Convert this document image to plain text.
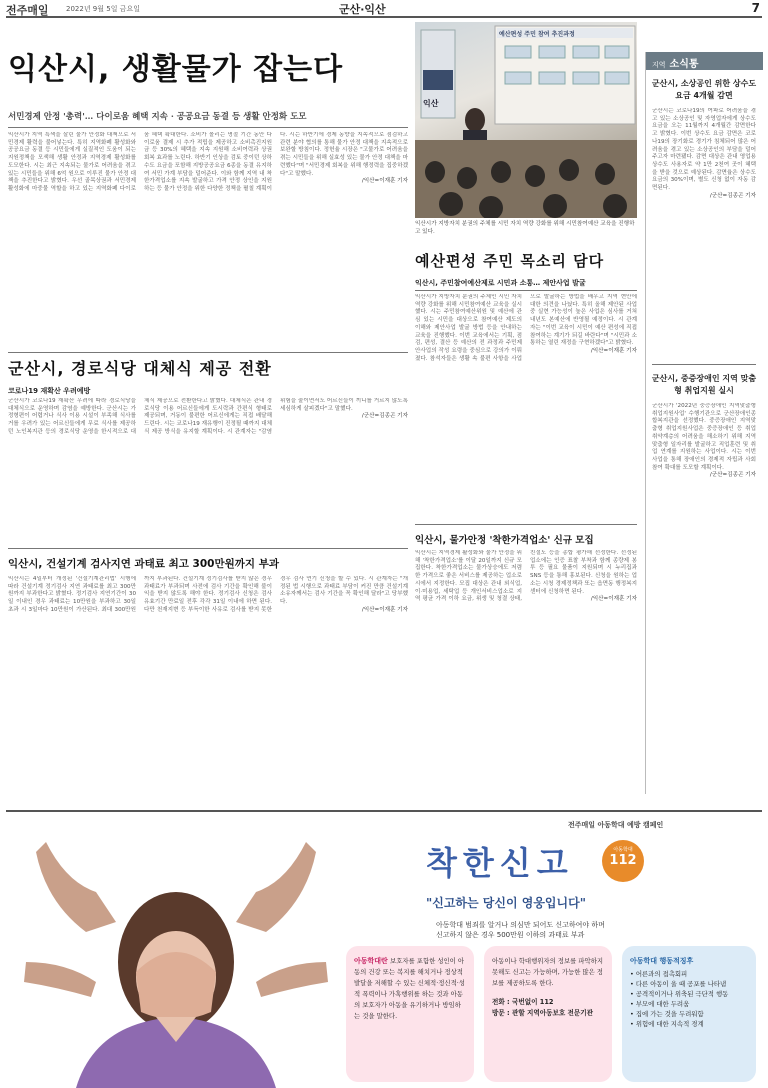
전주매일 2022년 9월 5일 금요일	군산·익산	7
익산시, 생활물가 잡는다
서민경제 안정 '총력'… 다이로움 혜택 지속 · 공공요금 동결 등 생활 안정화 도모
익산시가 지역 특색을 살린 물가 안정화 대책으로 서민경제 활력을 불어넣는다. 특히 지역화폐 활성화와 공공요금 동결 등 시민들에게 실질적인 도움이 되는 지원정책을 모색해 생활 안정과 지역경제 활성화를 도모한다. 시는 최근 지속되는 물가로 어려움을 겪고 있는 시민들을 위해 6억 원으로 이루진 물가 안정 대책을 추진한다고 밝혔다. 우선 골목상권과 서민경제 활성화에 마중물 역할을 하고 있는 지역화폐 다이로움 혜택 확대한다. 소비가 몰리는 명절 기간 동안 다이로움 결제 시 추가 적립을 제공하고 소비촉진지원금 등 30%의 혜택을 지속 지원해 소비여력과 상권 회복 효과를 노린다. 하반기 인상을 검토 중이던 상하수도 요금을 포함해 지방공공요금 6종을 동결 유지하여 서민 가계 부담을 덜어준다. 이와 함께 지역 내 착한가격업소를 지속 발굴하고 가격 안정 상인을 지원하는 등 물가 안정을 위한 다양한 정책을 펼칠 계획이다. 시는 하반기에 경제 동향을 지속적으로 점검하고 관련 분야 협의를 통해 물가 안정 대책을 지속적으로 보완할 방침이다. 정헌율 시장은 "고물가로 어려움을 겪는 시민들을 위해 실효성 있는 물가 안정 대책을 마련했다"며 "서민경제 회복을 위해 행정력을 집중하겠다"고 말했다.
/익산=이재훈 기자
예산편성 주민 참여 추진과정
익산
익산시가 지방자치 분권의 주체를 시민 자치 역량 강화를 위해 시민참여예산 교육을 진행하고 있다.
예산편성 주민 목소리 담다
익산시, 주민참여예산제로 시민과 소통… 제안사업 발굴
익산시가 지방자치 분권의 주체인 시민 자치 역량 강화를 위해 시민참여예산 교육을 실시했다. 시는 주민참여예산위원 및 예산에 관심 있는 시민을 대상으로 참여예산 제도의 이해와 제안사업 발굴 방법 등을 안내하는 교육을 진행했다. 이번 교육에서는 기획, 점검, 편성, 결산 등 예산의 전 과정과 주민제안사업의 작성 요령을 중심으로 강의가 이뤄졌다. 참석자들은 생활 속 불편 사항을 사업으로 발굴하는 방법을 배우고 지역 현안에 대한 의견을 나눴다. 특히 올해 제안된 사업 중 실현 가능성이 높은 사업은 심사를 거쳐 내년도 본예산에 반영될 예정이다. 시 관계자는 "이번 교육이 시민이 예산 편성에 직접 참여하는 계기가 되길 바란다"며 "시민과 소통하는 열린 재정을 구현하겠다"고 밝혔다.
/익산=이재훈 기자
군산시, 경로식당 대체식 제공 전환
코로나19 재확산 우려예방
군산시가 코로나19 재확산 우려에 따라 경로식당을 대체식으로 운영하며 감염을 예방한다. 군산시는 가정형편이 어렵거나 식사 이용 시설이 부족해 식사를 거를 우려가 있는 어르신들에게 무료 식사를 제공하던 노인복지관 등의 경로식당 운영을 한시적으로 대체식 제공으로 전환한다고 밝혔다. 대체식은 관내 경로식당 이용 어르신들에게 도시락과 간편식 형태로 제공되며, 거동이 불편한 어르신에게는 직접 배달해 드린다. 시는 코로나19 재유행이 진정될 때까지 대체식 제공 방식을 유지할 계획이다. 시 관계자는 "감염 위험을 줄이면서도 어르신들이 끼니를 거르지 않도록 세심하게 살피겠다"고 말했다.
/군산=김종곤 기자
익산시, 물가안정 '착한가격업소' 신규 모집
익산시는 지역경제 활성화와 물가 안정을 위해 '착한가격업소'를 이달 20일까지 신규 모집한다. 착한가격업소는 물가상승에도 저렴한 가격으로 좋은 서비스를 제공하는 업소로 시에서 지정한다. 모집 대상은 관내 외식업, 이·미용업, 세탁업 등 개인서비스업소로 지역 평균 가격 이하 요금, 위생 및 청결 상태, 친절도 등을 종합 평가해 선정한다. 선정된 업소에는 인증 표찰 부착과 함께 종량제 봉투 등 필요 물품이 지원되며 시 누리집과 SNS 등을 통해 홍보된다. 신청을 원하는 업소는 시청 경제정책과 또는 읍면동 행정복지센터에 신청하면 된다.
/익산=이재훈 기자
익산시, 건설기계 검사지연 과태료 최고 300만원까지 부과
익산시는 4일부터 개정된 '건설기계관리법' 시행에 따라 건설기계 정기검사 지연 과태료를 최고 300만원까지 부과한다고 밝혔다. 정기검사 지연기간이 30일 이내인 경우 과태료는 10만원을 부과하고 30일 초과 시 3일마다 10만원이 가산된다. 최대 300만원까지 부과된다. 건설기계 정기검사를 받지 않은 경우 과태료가 부과되며 사전에 검사 기간을 확인해 불이익을 받지 않도록 해야 한다. 정기검사 신청은 검사 유효기간 만료일 전후 각각 31일 이내에 하면 된다. 다만 천재지변 등 부득이한 사유로 검사를 받지 못한 경우 검사 연기 신청을 할 수 있다. 시 관계자는 "개정된 법 시행으로 과태료 부담이 커진 만큼 건설기계 소유자께서는 검사 기간을 꼭 확인해 달라"고 당부했다.
/익산=이재훈 기자
지역 소식통
군산시, 소상공인 위한 상수도요금 4개월 감면
군산시는 코로나19의 여파로 어려움을 겪고 있는 소상공인 및 자영업자에게 상수도 요금을 오는 11월까지 4개월간 감면한다고 밝혔다. 이번 상수도 요금 감면은 코로나19의 장기화로 경기가 침체되어 많은 어려움을 겪고 있는 소상공인의 부담을 덜어주고자 마련됐다. 감면 대상은 관내 영업용 상수도 사용자로 약 1만 2천여 곳이 혜택을 받을 것으로 예상된다. 감면율은 상수도 요금의 30%이며, 별도 신청 없이 자동 감면된다.
/군산=김종곤 기자
군산시, 중증장애인 지역 맞춤형 취업지원 실시
군산시가 '2022년 중증장애인 지역맞춤형 취업지원사업' 수행기관으로 군산장애인종합복지관을 선정했다. 중증장애인 지역맞춤형 취업지원사업은 중증장애인 등 취업취약계층의 어려움을 해소하기 위해 지역 맞춤형 일자리를 발굴하고 직업훈련 및 취업 연계를 지원하는 사업이다. 시는 이번 사업을 통해 장애인의 경제적 자립과 사회 참여 확대를 도모할 계획이다.
/군산=김종곤 기자
전주매일 아동학대 예방 캠페인
착한신고	아동학대
112
"신고하는 당신이 영웅입니다"
아동학대 범죄를 알거나 의심만 되어도 신고하여야 하며
신고하지 않은 경우 500만원 이하의 과태료 부과
아동학대란 보호자를 포함한 성인이 아동의 건강 또는 복지를 해치거나 정상적 발달을 저해할 수 있는 신체적·정신적·성적 폭력이나 가혹행위를 하는 것과 아동의 보호자가 아동을 유기하거나 방임하는 것을 말한다.
아동이나 학대행위자의 정보를 파악하지 못해도 신고는 가능하며, 가능한 많은 정보를 제공하도록 한다.
전화 : 국번없이 112
방문 : 관할 지역아동보호 전문기관
아동학대 행동적징후
• 어른과의 접촉회피
• 다른 아동이 울 때 공포를 나타냄
• 공격적이거나 위축된 극단적 행동
• 부모에 대한 두려움
• 집에 가는 것을 두려워함
• 위험에 대한 지속적 경계
